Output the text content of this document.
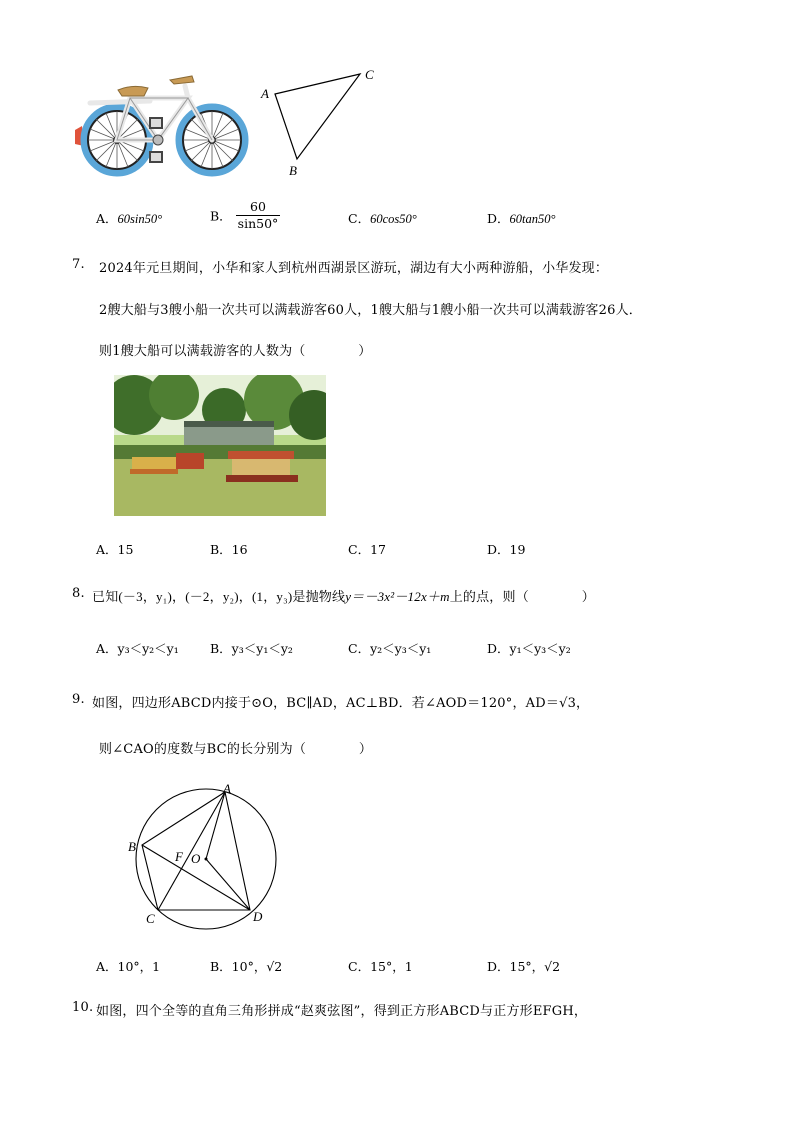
A
C
B
A．60sin50°	B． $\frac{60}{\sin 50^\circ}$	C．60cos50°	D．60tan50°
7. 2024年元旦期间，小华和家人到杭州西湖景区游玩，湖边有大小两种游船，小华发现：
2艘大船与3艘小船一次共可以满载游客60人，1艘大船与1艘小船一次共可以满载游客26人．
则1艘大船可以满载游客的人数为（　　　　）
A．15	B．16	C．17	D．19
8. 已知(－3，y₁)，(－2，y₂)，(1，y₃)是抛物线y＝－3x²－12x＋m上的点，则（　　　　）
A．y₃＜y₂＜y₁	B．y₃＜y₁＜y₂	C．y₂＜y₃＜y₁	D．y₁＜y₃＜y₂
9. 如图，四边形ABCD内接于⊙O，BC∥AD，AC⊥BD．若∠AOD＝120°，AD＝√3，
则∠CAO的度数与BC的长分别为（　　　　）
A
B
C	D
F O
A．10°，1	B．10°，√2	C．15°，1	D．15°，√2
10. 如图，四个全等的直角三角形拼成“赵爽弦图”，得到正方形ABCD与正方形EFGH，
